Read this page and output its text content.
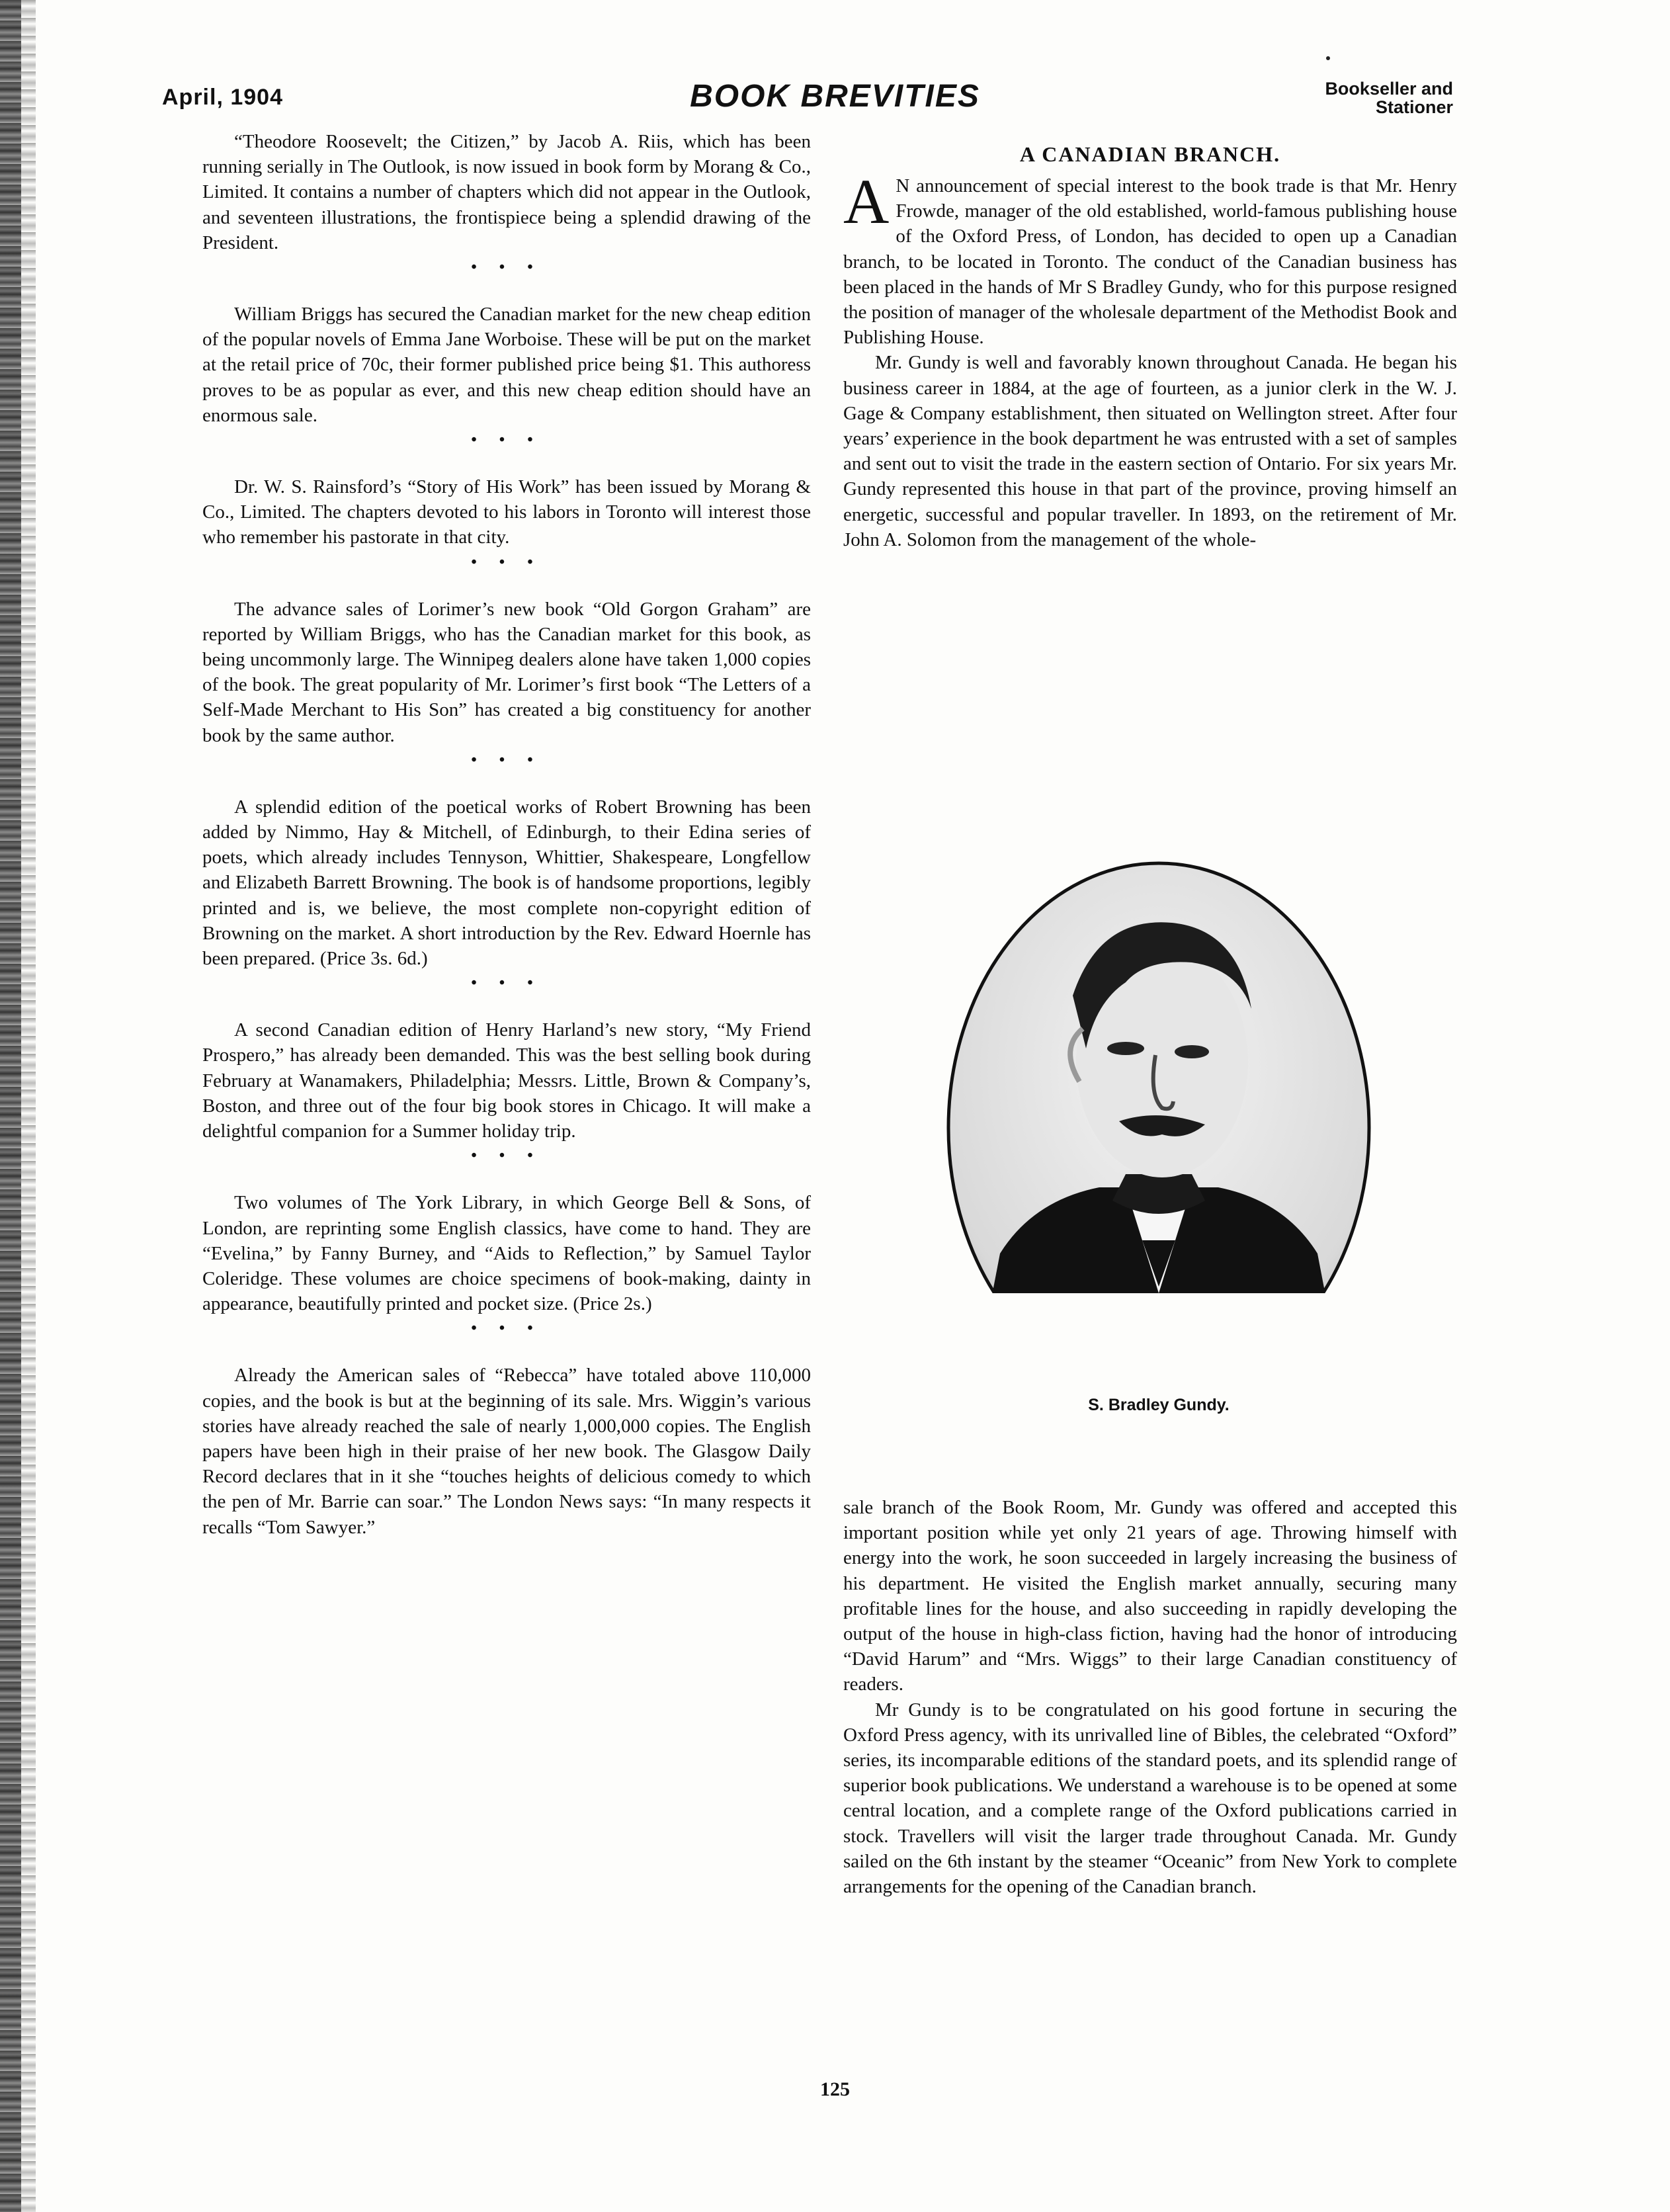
April, 1904	BOOK BREVITIES	Bookseller and
Stationer

“Theodore Roosevelt; the Citizen,” by Jacob A. Riis, which has been running serially in The Outlook, is now issued in book form by Morang & Co., Limited. It contains a number of chapters which did not appear in the Outlook, and seventeen illustrations, the frontispiece being a splendid drawing of the President.

• • •

William Briggs has secured the Canadian market for the new cheap edition of the popular novels of Emma Jane Worboise. These will be put on the market at the retail price of 70c, their former published price being $1. This authoress proves to be as popular as ever, and this new cheap edition should have an enormous sale.

• • •

Dr. W. S. Rainsford’s “Story of His Work” has been issued by Morang & Co., Limited. The chapters devoted to his labors in Toronto will interest those who remember his pastorate in that city.

• • •

The advance sales of Lorimer’s new book “Old Gorgon Graham” are reported by William Briggs, who has the Canadian market for this book, as being uncommonly large. The Winnipeg dealers alone have taken 1,000 copies of the book. The great popularity of Mr. Lorimer’s first book “The Letters of a Self-Made Merchant to His Son” has created a big constituency for another book by the same author.

• • •

A splendid edition of the poetical works of Robert Browning has been added by Nimmo, Hay & Mitchell, of Edinburgh, to their Edina series of poets, which already includes Tennyson, Whittier, Shakespeare, Longfellow and Elizabeth Barrett Browning. The book is of handsome proportions, legibly printed and is, we believe, the most complete non-copyright edition of Browning on the market. A short introduction by the Rev. Edward Hoernle has been prepared. (Price 3s. 6d.)

• • •

A second Canadian edition of Henry Harland’s new story, “My Friend Prospero,” has already been demanded. This was the best selling book during February at Wanamakers, Philadelphia; Messrs. Little, Brown & Company’s, Boston, and three out of the four big book stores in Chicago. It will make a delightful companion for a Summer holiday trip.

• • •

Two volumes of The York Library, in which George Bell & Sons, of London, are reprinting some English classics, have come to hand. They are “Evelina,” by Fanny Burney, and “Aids to Reflection,” by Samuel Taylor Coleridge. These volumes are choice specimens of book-making, dainty in appearance, beautifully printed and pocket size. (Price 2s.)

• • •

Already the American sales of “Rebecca” have totaled above 110,000 copies, and the book is but at the beginning of its sale. Mrs. Wiggin’s various stories have already reached the sale of nearly 1,000,000 copies. The English papers have been high in their praise of her new book. The Glasgow Daily Record declares that in it she “touches heights of delicious comedy to which the pen of Mr. Barrie can soar.” The London News says: “In many respects it recalls “Tom Sawyer.”

A CANADIAN BRANCH.

A N announcement of special interest to the book trade is that Mr. Henry Frowde, manager of the old established, world-famous publishing house of the Oxford Press, of London, has decided to open up a Canadian branch, to be located in Toronto. The conduct of the Canadian business has been placed in the hands of Mr S Bradley Gundy, who for this purpose resigned the position of manager of the wholesale department of the Methodist Book and Publishing House.

Mr. Gundy is well and favorably known throughout Canada. He began his business career in 1884, at the age of fourteen, as a junior clerk in the W. J. Gage & Company establishment, then situated on Wellington street. After four years’ experience in the book department he was entrusted with a set of samples and sent out to visit the trade in the eastern section of Ontario. For six years Mr. Gundy represented this house in that part of the province, proving himself an energetic, successful and popular traveller. In 1893, on the retirement of Mr. John A. Solomon from the management of the whole-

S. Bradley Gundy.

sale branch of the Book Room, Mr. Gundy was offered and accepted this important position while yet only 21 years of age. Throwing himself with energy into the work, he soon succeeded in largely increasing the business of his department. He visited the English market annually, securing many profitable lines for the house, and also succeeding in rapidly developing the output of the house in high-class fiction, having had the honor of introducing “David Harum” and “Mrs. Wiggs” to their large Canadian constituency of readers.

Mr Gundy is to be congratulated on his good fortune in securing the Oxford Press agency, with its unrivalled line of Bibles, the celebrated “Oxford” series, its incomparable editions of the standard poets, and its splendid range of superior book publications. We understand a warehouse is to be opened at some central location, and a complete range of the Oxford publications carried in stock. Travellers will visit the larger trade throughout Canada. Mr. Gundy sailed on the 6th instant by the steamer “Oceanic” from New York to complete arrangements for the opening of the Canadian branch.

125
